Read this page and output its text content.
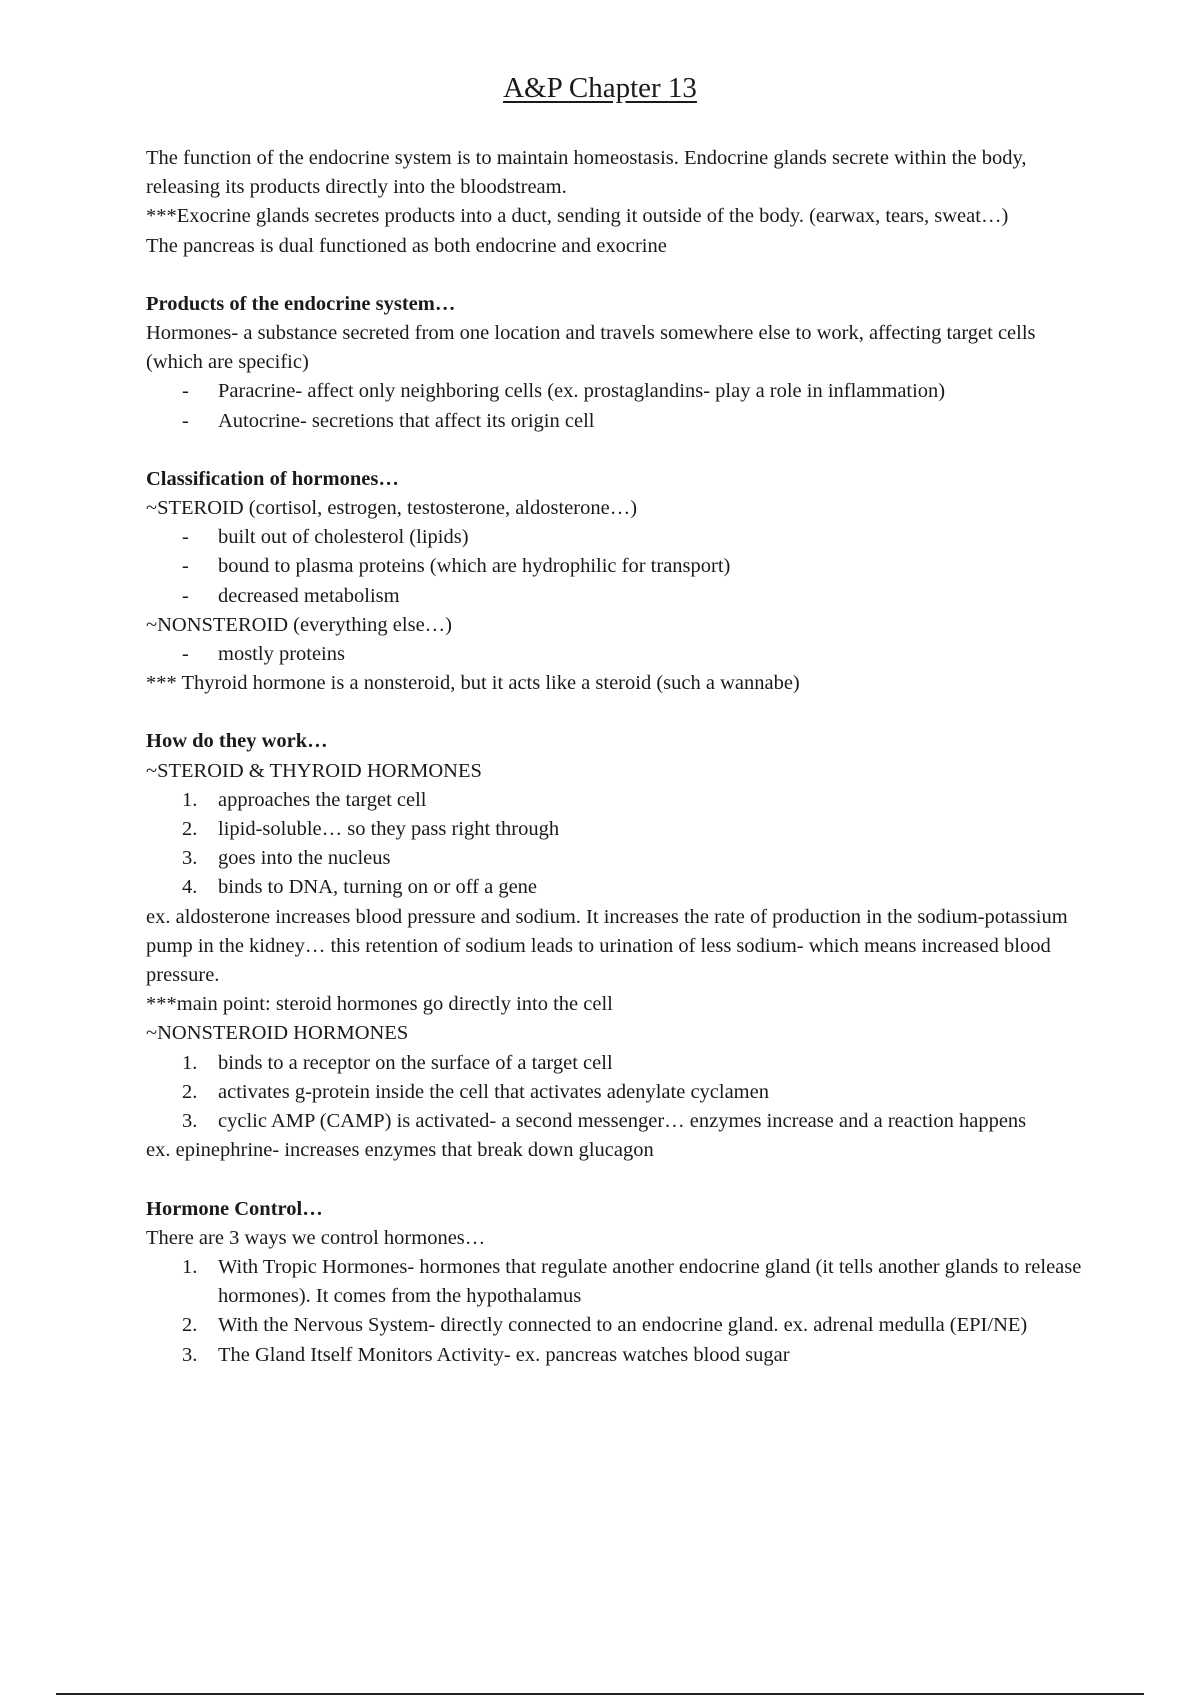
A&P Chapter 13

The function of the endocrine system is to maintain homeostasis. Endocrine glands secrete within the body, releasing its products directly into the bloodstream.

***Exocrine glands secretes products into a duct, sending it outside of the body. (earwax, tears, sweat…)

The pancreas is dual functioned as both endocrine and exocrine

Products of the endocrine system…

Hormones- a substance secreted from one location and travels somewhere else to work, affecting target cells (which are specific)

- Paracrine- affect only neighboring cells (ex. prostaglandins- play a role in inflammation)
- Autocrine- secretions that affect its origin cell

Classification of hormones…

~STEROID (cortisol, estrogen, testosterone, aldosterone…)

- built out of cholesterol (lipids)
- bound to plasma proteins (which are hydrophilic for transport)
- decreased metabolism

~NONSTEROID (everything else…)

- mostly proteins

*** Thyroid hormone is a nonsteroid, but it acts like a steroid (such a wannabe)

How do they work…

~STEROID & THYROID HORMONES

1. approaches the target cell
2. lipid-soluble… so they pass right through
3. goes into the nucleus
4. binds to DNA, turning on or off a gene

ex. aldosterone increases blood pressure and sodium. It increases the rate of production in the sodium-potassium pump in the kidney… this retention of sodium leads to urination of less sodium- which means increased blood pressure.

***main point: steroid hormones go directly into the cell

~NONSTEROID HORMONES

1. binds to a receptor on the surface of a target cell
2. activates g-protein inside the cell that activates adenylate cyclamen
3. cyclic AMP (CAMP) is activated- a second messenger… enzymes increase and a reaction happens

ex. epinephrine- increases enzymes that break down glucagon

Hormone Control…

There are 3 ways we control hormones…

1. With Tropic Hormones- hormones that regulate another endocrine gland (it tells another glands to release hormones). It comes from the hypothalamus
2. With the Nervous System- directly connected to an endocrine gland. ex. adrenal medulla (EPI/NE)
3. The Gland Itself Monitors Activity- ex. pancreas watches blood sugar
